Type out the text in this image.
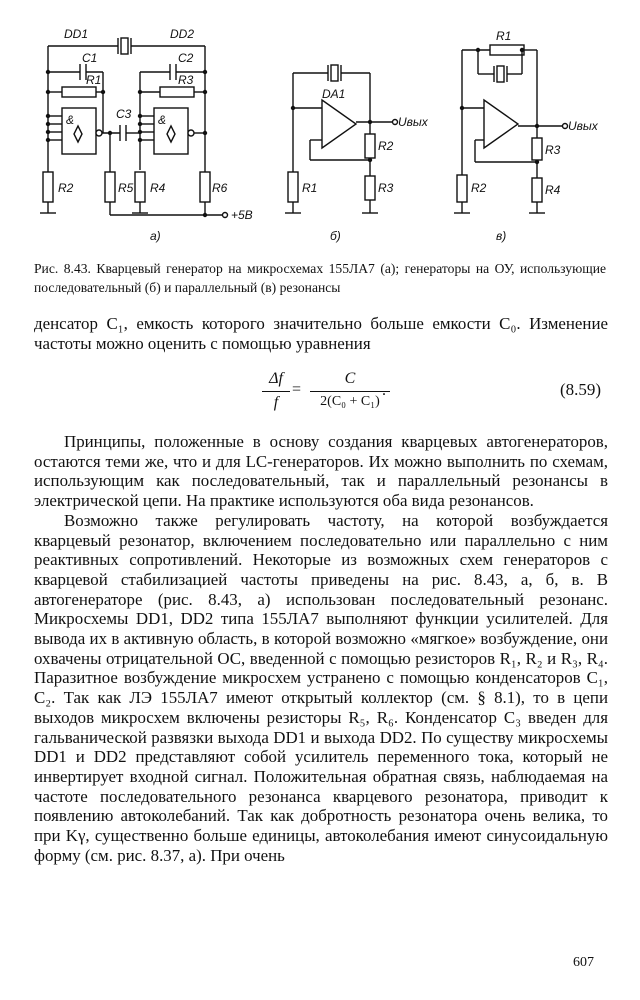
DD1	DD2
C1
R1
C2
R3
C3
&	&
R2	R5 R4	R6
+5В
а)
DA1
Uвых
R2
R3
R1
б)
R1
Uвых
R3
R4
R2
в)
Рис. 8.43. Кварцевый генератор на микросхемах 155ЛА7 (а); генераторы на ОУ, использующие последовательный (б) и параллельный (в) резонансы

денсатор C₁, емкость которого значительно больше емкости C₀. Изменение частоты можно оценить с помощью уравнения

Δf
f
=
C
2(C₀ + C₁)
.	(8.59)

Принципы, положенные в основу создания кварцевых автогенераторов, остаются теми же, что и для LC-генераторов. Их можно выполнить по схемам, использующим как последовательный, так и параллельный резонансы в электрической цепи. На практике используются оба вида резонансов.

Возможно также регулировать частоту, на которой возбуждается кварцевый резонатор, включением последовательно или параллельно с ним реактивных сопротивлений. Некоторые из возможных схем генераторов с кварцевой стабилизацией частоты приведены на рис. 8.43, а, б, в. В автогенераторе (рис. 8.43, а) использован последовательный резонанс. Микросхемы DD1, DD2 типа 155ЛА7 выполняют функции усилителей. Для вывода их в активную область, в которой возможно «мягкое» возбуждение, они охвачены отрицательной ОС, введенной с помощью резисторов R₁, R₂ и R₃, R₄. Паразитное возбуждение микросхем устранено с помощью конденсаторов C₁, C₂. Так как ЛЭ 155ЛА7 имеют открытый коллектор (см. § 8.1), то в цепи выходов микросхем включены резисторы R₅, R₆. Конденсатор C₃ введен для гальванической развязки выхода DD1 и выхода DD2. По существу микросхемы DD1 и DD2 представляют собой усилитель переменного тока, который не инвертирует входной сигнал. Положительная обратная связь, наблюдаемая на частоте последовательного резонанса кварцевого резонатора, приводит к появлению автоколебаний. Так как добротность резонатора очень велика, то при Kγ, существенно больше единицы, автоколебания имеют синусоидальную форму (см. рис. 8.37, а). При очень

607
